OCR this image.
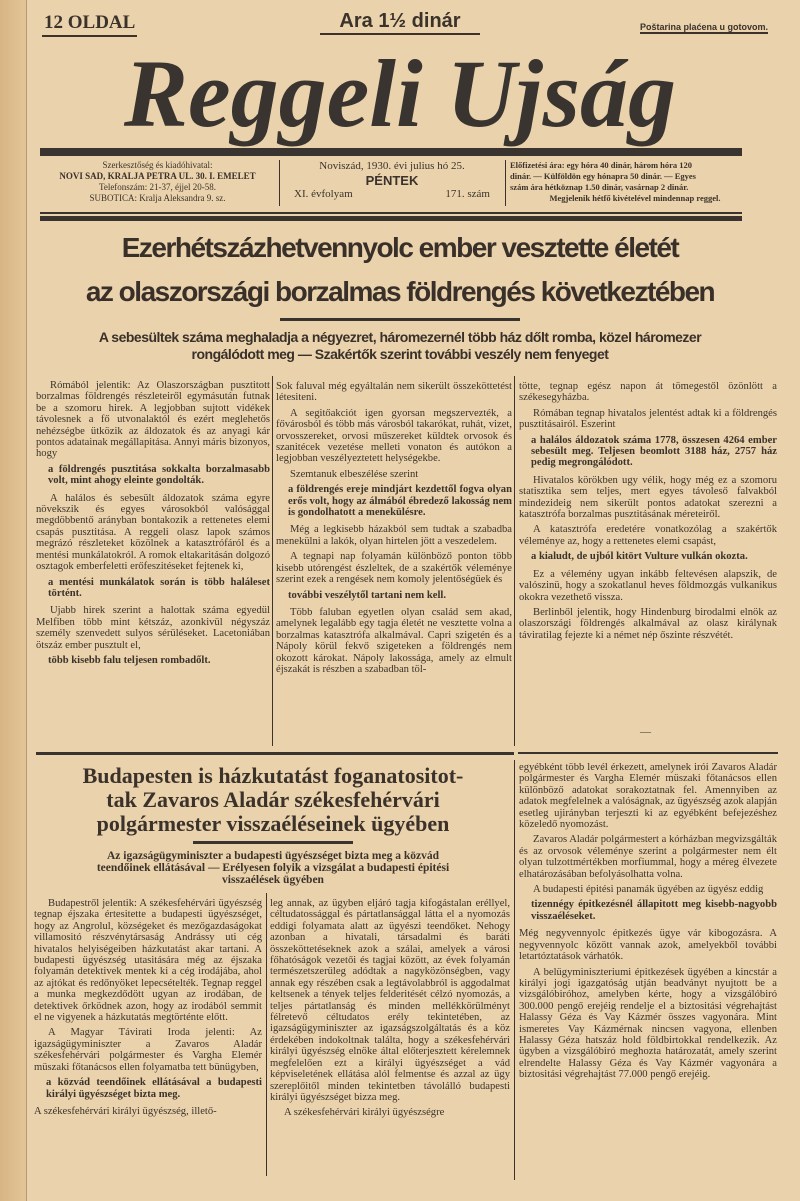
12 OLDAL	Ara 1½ dinár	Poštarina plaćena u gotovom.
Reggeli Ujság
Szerkesztőség és kiadóhivatal:
NOVI SAD, KRALJA PETRA UL. 30. I. EMELET
Telefonszám: 21-37, éjjel 20-58.
SUBOTICA: Kralja Aleksandra 9. sz.
Noviszád, 1930. évi julius hó 25.
PÉNTEK
XI. évfolyam	171. szám
Előfizetési ára: egy hóra 40 dinár, három hóra 120
dinár. — Külföldön egy hónapra 50 dinár. — Egyes
szám ára hétköznap 1.50 dinár, vasárnap 2 dinár.
Megjelenik hétfő kivételével mindennap reggel.
Ezerhétszázhetvennyolc ember vesztette életét
az olaszországi borzalmas földrengés következtében
A sebesültek száma meghaladja a négyezret, háromezernél több ház dőlt romba, közel háromezer
rongálódott meg — Szakértők szerint további veszély nem fenyeget

Rómából jelentik: Az Olaszországban pusztitott borzalmas földrengés részleteiről egymásután futnak be a szomoru hirek. A legjobban sujtott vidékek távolesnek a fő utvonalaktól és ezért meglehetős nehézségbe ütközik az áldozatok és az anyagi kár pontos adatainak megállapitása. Annyi máris bizonyos, hogy

a földrengés pusztitása sokkalta borzalmasabb volt, mint ahogy eleinte gondolták.

A halálos és sebesült áldozatok száma egyre növekszik és egyes városokból valósággal megdöbbentő arányban bontakozik a rettenetes elemi csapás pusztitása. A reggeli olasz lapok számos megrázó részleteket közölnek a katasztrófáról és a mentési munkálatokról. A romok eltakaritásán dolgozó osztagok emberfeletti erőfeszitéseket fejtenek ki,

a mentési munkálatok során is több haláleset történt.

Ujabb hirek szerint a halottak száma egyedül Melfiben több mint kétszáz, azonkivül négyszáz személy szenvedett sulyos sérüléseket. Lacetoniában ötszáz ember pusztult el,

több kisebb falu teljesen rombadőlt.

Sok faluval még egyáltalán nem sikerült összeköttetést létesiteni.

A segitőakciót igen gyorsan megszervezték, a fővárosból és több más városból takarókat, ruhát, vizet, orvosszereket, orvosi műszereket küldtek orvosok és szanitécek vezetése melleti vonaton és autókon a legjobban veszélyeztetett helységekbe.

Szemtanuk elbeszélése szerint

a földrengés ereje mindjárt kezdettől fogva olyan erős volt, hogy az álmából ébredező lakosság nem is gondolhatott a menekülésre.

Még a legkisebb házakból sem tudtak a szabadba menekülni a lakók, olyan hirtelen jött a veszedelem.

A tegnapi nap folyamán különböző ponton több kisebb utórengést észleltek, de a szakértők véleménye szerint ezek a rengések nem komoly jelentőségüek és

további veszélytől tartani nem kell.

Több faluban egyetlen olyan család sem akad, amelynek legalább egy tagja életét ne vesztette volna a borzalmas katasztrófa alkalmával. Capri szigetén és a Nápoly körül fekvő szigeteken a földrengés nem okozott károkat. Nápoly lakossága, amely az elmult éjszakát is részben a szabadban töl-

tötte, tegnap egész napon át tömegestől özönlött a székesegyházba.

Rómában tegnap hivatalos jelentést adtak ki a földrengés pusztitásairól. Eszerint

a halálos áldozatok száma 1778, összesen 4264 ember sebesült meg. Teljesen beomlott 3188 ház, 2757 ház pedig megrongálódott.

Hivatalos körökben ugy vélik, hogy még ez a szomoru statisztika sem teljes, mert egyes távoleső falvakból mindezideig nem sikerült pontos adatokat szerezni a katasztrófa borzalmas pusztitásának méreteiről.

A katasztrófa eredetére vonatkozólag a szakértők véleménye az, hogy a rettenetes elemi csapást,

a kialudt, de ujból kitört Vulture vulkán okozta.

Ez a vélemény ugyan inkább feltevésen alapszik, de valószinü, hogy a szokatlanul heves földmozgás vulkanikus okokra vezethető vissza.

Berlinből jelentik, hogy Hindenburg birodalmi elnök az olaszországi földrengés alkalmával az olasz királynak táviratilag fejezte ki a német nép őszinte részvétét.

—
Budapesten is házkutatást foganatositot-
tak Zavaros Aladár székesfehérvári
polgármester visszaéléseinek ügyében
Az igazságügyminiszter a budapesti ügyészséget bizta meg a közvád
teendőinek ellátásával — Erélyesen folyik a vizsgálat a budapesti épitési
visszaélések ügyében

Budapestről jelentik: A székesfehérvári ügyészség tegnap éjszaka értesitette a budapesti ügyészséget, hogy az Angrolul, községeket és mezőgazdaságokat villamositó részvénytársaság Andrássy uti cég hivatalos helyiségeiben házkutatást akar tartani. A budapesti ügyészség utasitására még az éjszaka folyamán detektivek mentek ki a cég irodájába, ahol az ajtókat és redőnyöket lepecsételték. Tegnap reggel a munka megkezdődött ugyan az irodában, de detektivek őrködnek azon, hogy az irodából semmit el ne vigyenek a házkutatás megtörténte előtt.

A Magyar Távirati Iroda jelenti: Az igazságügyminiszter a Zavaros Aladár székesfehérvári polgármester és Vargha Elemér müszaki főtanácsos ellen folyamatba tett bünügyben,

a közvád teendőinek ellátásával a budapesti királyi ügyészséget bizta meg.

A székesfehérvári királyi ügyészség, illető-

leg annak, az ügyben eljáró tagja kifogástalan eréllyel, céltudatossággal és pártatlansággal látta el a nyomozás eddigi folyamata alatt az ügyészi teendőket. Nehogy azonban a hivatali, társadalmi és baráti összeköttetéseknek azok a szálai, amelyek a városi főhatóságok vezetői és tagjai között, az évek folyamán természetszerüleg adódtak a nagyközönségben, vagy annak egy részében csak a legtávolabbról is aggodalmat keltsenek a tények teljes felderitését célzó nyomozás, a teljes pártatlanság és minden mellékkörülményt félretevő céltudatos erély tekintetében, az igazságügyminiszter az igazságszolgáltatás és a köz érdekében indokoltnak találta, hogy a székesfehérvári királyi ügyészség elnöke által előterjesztett kérelemnek megfelelően ezt a királyi ügyészséget a vád képviseletének ellátása alól felmentse és azzal az ügy szereplőitől minden tekintetben távolálló budapesti királyi ügyészséget bizza meg.

A székesfehérvári királyi ügyészségre

egyébként több levél érkezett, amelynek irói Zavaros Aladár polgármester és Vargha Elemér müszaki főtanácsos ellen különböző adatokat sorakoztatnak fel. Amennyiben az adatok megfelelnek a valóságnak, az ügyészség azok alapján esetleg ujirányban terjeszti ki az egyébként befejezéshez közeledő nyomozást.

Zavaros Aladár polgármestert a kórházban megvizsgálták és az orvosok véleménye szerint a polgármester nem élt olyan tulzottmértékben morfiummal, hogy a méreg élvezete elhatározásában befolyásolhatta volna.

A budapesti épitési panamák ügyében az ügyész eddig

tizennégy épitkezésnél állapitott meg kisebb-nagyobb visszaéléseket.

Még negyvennyolc épitkezés ügye vár kibogozásra. A negyvennyolc között vannak azok, amelyekből további letartóztatások várhatók.

A belügyminiszteriumi épitkezések ügyében a kincstár a királyi jogi igazgatóság utján beadványt nyujtott be a vizsgálóbiróhoz, amelyben kérte, hogy a vizsgálóbiró 300.000 pengő erejéig rendelje el a biztositási végrehajtást Halassy Géza és Vay Kázmér összes vagyonára. Mint ismeretes Vay Kázmérnak nincsen vagyona, ellenben Halassy Géza hatszáz hold földbirtokkal rendelkezik. Az ügyben a vizsgálóbiró meghozta határozatát, amely szerint elrendelte Halassy Géza és Vay Kázmér vagyonára a biztositási végrehajtást 77.000 pengő erejéig.
